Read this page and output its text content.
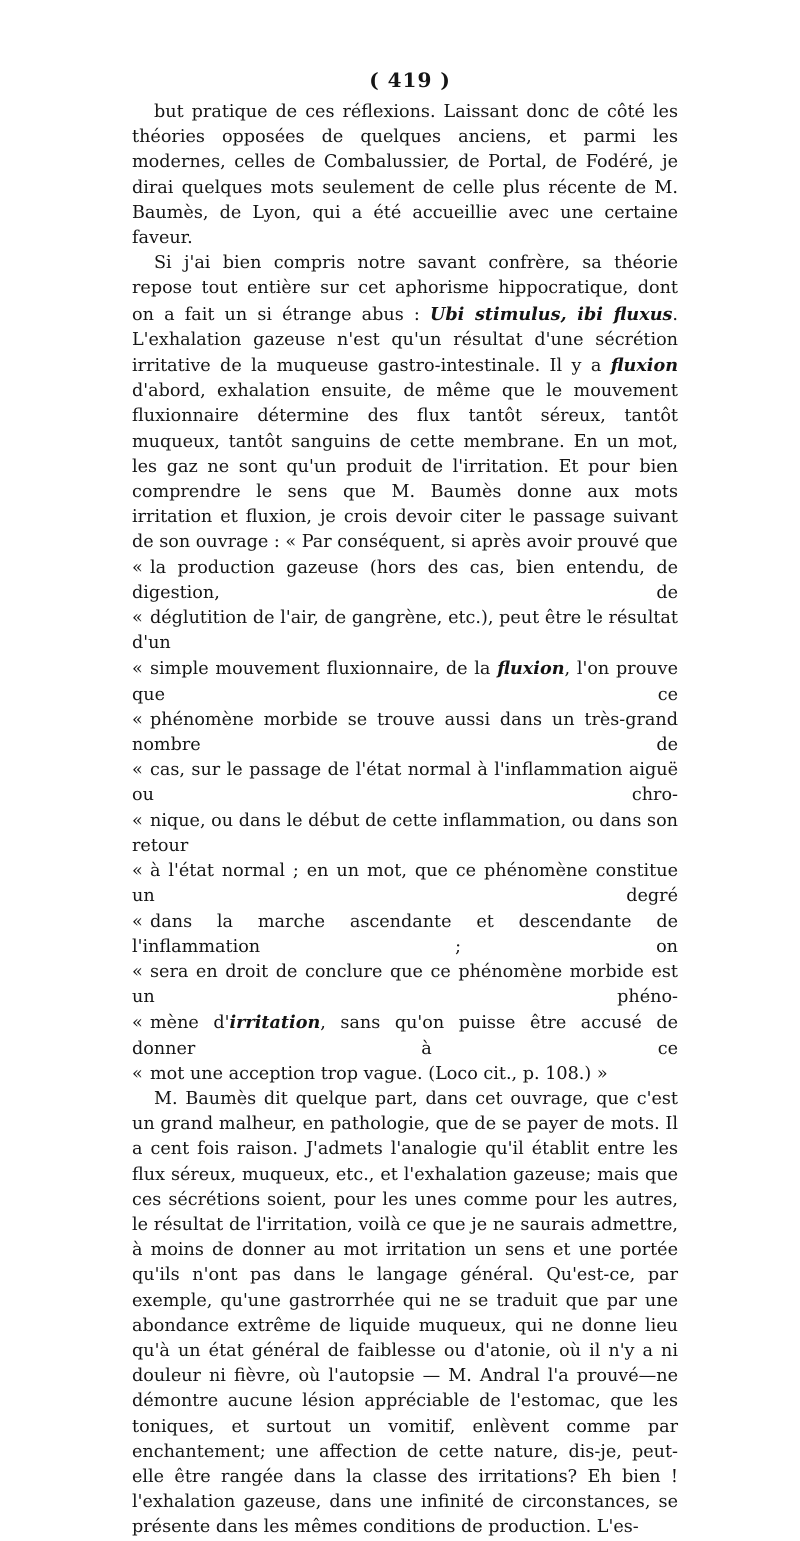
( 419 )

but pratique de ces réflexions. Laissant donc de côté les théories opposées de quelques anciens, et parmi les modernes, celles de Combalussier, de Portal, de Fodéré, je dirai quelques mots seulement de celle plus récente de M. Baumès, de Lyon, qui a été accueillie avec une certaine faveur.

Si j'ai bien compris notre savant confrère, sa théorie repose tout entière sur cet aphorisme hippocratique, dont on a fait un si étrange abus : Ubi stimulus, ibi fluxus. L'exhalation gazeuse n'est qu'un résultat d'une sécrétion irritative de la muqueuse gastro-intestinale. Il y a fluxion d'abord, exhalation ensuite, de même que le mouvement fluxionnaire détermine des flux tantôt séreux, tantôt muqueux, tantôt sanguins de cette membrane. En un mot, les gaz ne sont qu'un produit de l'irritation. Et pour bien comprendre le sens que M. Baumès donne aux mots irritation et fluxion, je crois devoir citer le passage suivant de son ouvrage : « Par conséquent, si après avoir prouvé que

« la production gazeuse (hors des cas, bien entendu, de digestion, de

« déglutition de l'air, de gangrène, etc.), peut être le résultat d'un

« simple mouvement fluxionnaire, de la fluxion, l'on prouve que ce

« phénomène morbide se trouve aussi dans un très-grand nombre de

« cas, sur le passage de l'état normal à l'inflammation aiguë ou chro-

« nique, ou dans le début de cette inflammation, ou dans son retour

« à l'état normal ; en un mot, que ce phénomène constitue un degré

« dans la marche ascendante et descendante de l'inflammation ; on

« sera en droit de conclure que ce phénomène morbide est un phéno-

« mène d'irritation, sans qu'on puisse être accusé de donner à ce

« mot une acception trop vague. (Loco cit., p. 108.) »

M. Baumès dit quelque part, dans cet ouvrage, que c'est un grand malheur, en pathologie, que de se payer de mots. Il a cent fois raison. J'admets l'analogie qu'il établit entre les flux séreux, muqueux, etc., et l'exhalation gazeuse; mais que ces sécrétions soient, pour les unes comme pour les autres, le résultat de l'irritation, voilà ce que je ne saurais admettre, à moins de donner au mot irritation un sens et une portée qu'ils n'ont pas dans le langage général. Qu'est-ce, par exemple, qu'une gastrorrhée qui ne se traduit que par une abondance extrême de liquide muqueux, qui ne donne lieu qu'à un état général de faiblesse ou d'atonie, où il n'y a ni douleur ni fièvre, où l'autopsie — M. Andral l'a prouvé—ne démontre aucune lésion appréciable de l'estomac, que les toniques, et surtout un vomitif, enlèvent comme par enchantement; une affection de cette nature, dis-je, peut-elle être rangée dans la classe des irritations? Eh bien ! l'exhalation gazeuse, dans une infinité de circonstances, se présente dans les mêmes conditions de production. L'es-
